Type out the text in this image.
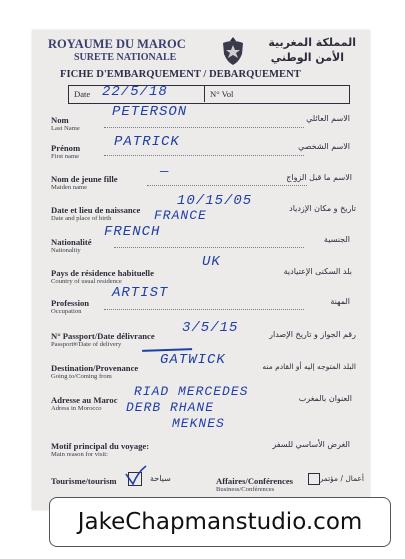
ROYAUME DU MAROC
SURETE NATIONALE
المملكة المغربية
الأمن الوطني
FICHE D'EMBARQUEMENT / DEBARQUEMENT
Date 22/5/18	N° Vol
Nom
Last Name
الاسم العائلي
PETERSON
Prénom
First name
الاسم الشخصي
PATRICK
Nom de jeune fille
Maiden name
الاسم ما قبل الزواج
—
Date et lieu de naissance
Date and place of birth
تاريخ و مكان الإزدياد
10/15/05
FRANCE
Nationalité
Nationality
الجنسية
FRENCH
Pays de résidence habituelle
Country of usual residence
بلد السكنى الإعتيادية
UK
Profession
Occupation
المهنة
ARTIST
N° Passport/Date délivrance
Passport#/Date of delivery
رقم الجواز و تاريخ الإصدار
3/5/15
Destination/Provenance
Going to/Coming from
البلد المتوجه إليه أو القادم منه
GATWICK
Adresse au Maroc
Adress in Morocco
العنوان بالمغرب
RIAD MERCEDES
DERB RHANE
MEKNES
Motif principal du voyage:
Main reason for visit:
الغرض الأساسي للسفر
Tourisme/tourism	سياحة	Affaires/Conférences
Business/Conférences
أعمال / مؤتمر
JakeChapmanstudio.com
